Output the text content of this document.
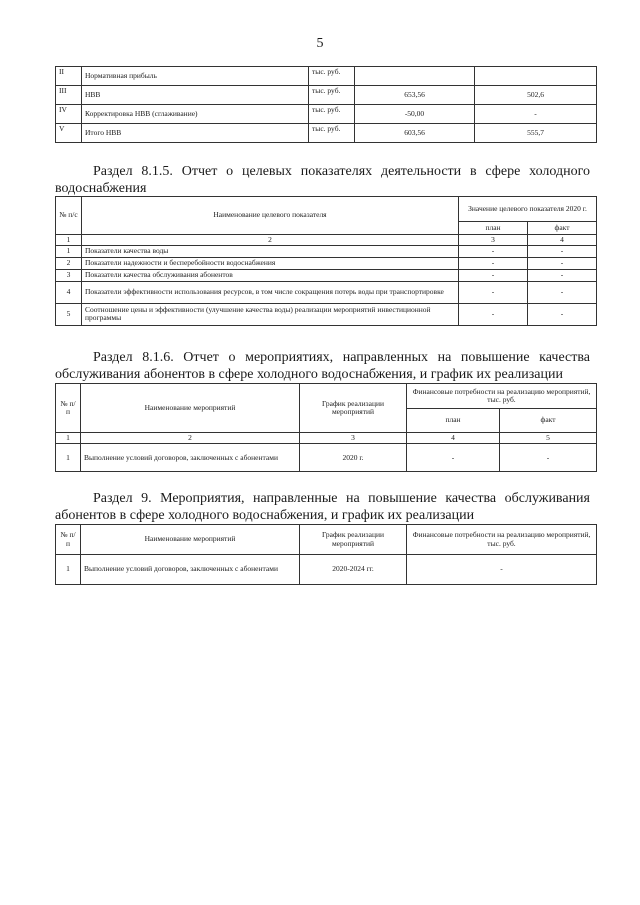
5
II	Нормативная прибыль	тыс. руб.		
III	НВВ	тыс. руб.	653,56	502,6
IV	Корректировка НВВ (сглаживание)	тыс. руб.	-50,00	-
V	Итого НВВ	тыс. руб.	603,56	555,7
Раздел 8.1.5. Отчет о целевых показателях деятельности в сфере холодного водоснабжения
№ п/с	Наименование целевого показателя	Значение целевого показателя 2020 г.	
		план	факт
1	2	3	4
1	Показатели качества воды	-	-
2	Показатели надежности и бесперебойности водоснабжения	-	-
3	Показатели качества обслуживания абонентов	-	-
4	Показатели эффективности использования ресурсов, в том числе сокращения потерь воды при транспортировке	-	-
5	Соотношение цены и эффективности (улучшение качества воды) реализации мероприятий инвестиционной программы	-	-
Раздел 8.1.6. Отчет о мероприятиях, направленных на повышение качества обслуживания абонентов в сфере холодного водоснабжения, и график их реализации
№ п/п	Наименование мероприятий	График реализации мероприятий	Финансовые потребности на реализацию мероприятий, тыс. руб.	
			план	факт
1	2	3	4	5
1	Выполнение условий договоров, заключенных с абонентами	2020 г.	-	-
Раздел 9. Мероприятия, направленные на повышение качества обслуживания абонентов в сфере холодного водоснабжения, и график их реализации
№ п/п	Наименование мероприятий	График реализации мероприятий	Финансовые потребности на реализацию мероприятий, тыс. руб.
1	Выполнение условий договоров, заключенных с абонентами	2020-2024 гг.	-
